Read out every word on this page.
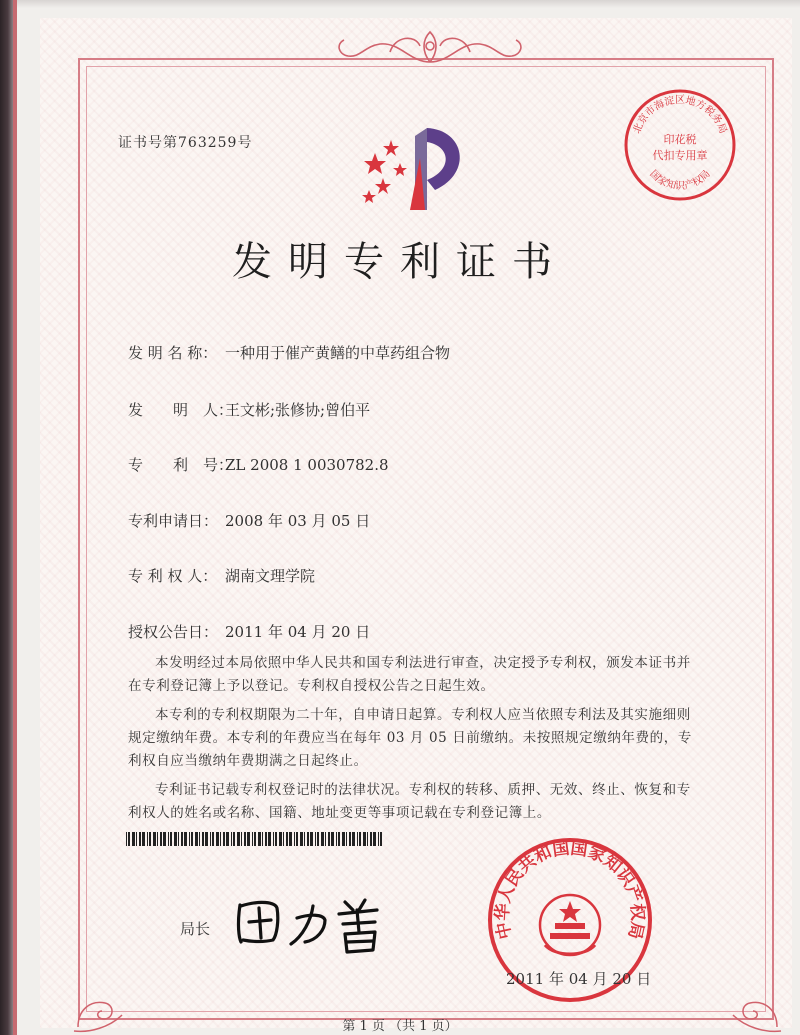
证书号第763259号
发明专利证书
发 明 名 称： 一种用于催产黄鳝的中草药组合物
发　　明　人：王文彬;张修协;曾伯平
专　　利　号：ZL 2008 1 0030782.8
专利申请日： 2008 年 03 月 05 日
专 利 权 人： 湖南文理学院
授权公告日： 2011 年 04 月 20 日

本发明经过本局依照中华人民共和国专利法进行审查，决定授予专利权，颁发本证书并在专利登记簿上予以登记。专利权自授权公告之日起生效。

本专利的专利权期限为二十年，自申请日起算。专利权人应当依照专利法及其实施细则规定缴纳年费。本专利的年费应当在每年 03 月 05 日前缴纳。未按照规定缴纳年费的，专利权自应当缴纳年费期满之日起终止。

专利证书记载专利权登记时的法律状况。专利权的转移、质押、无效、终止、恢复和专利权人的姓名或名称、国籍、地址变更等事项记载在专利登记簿上。

局长
北京市海淀区地方税务局
印花税
代扣专用章
国家知识产权局
中华人民共和国国家知识产权局
2011 年 04 月 20 日
第 1 页 （共 1 页）
